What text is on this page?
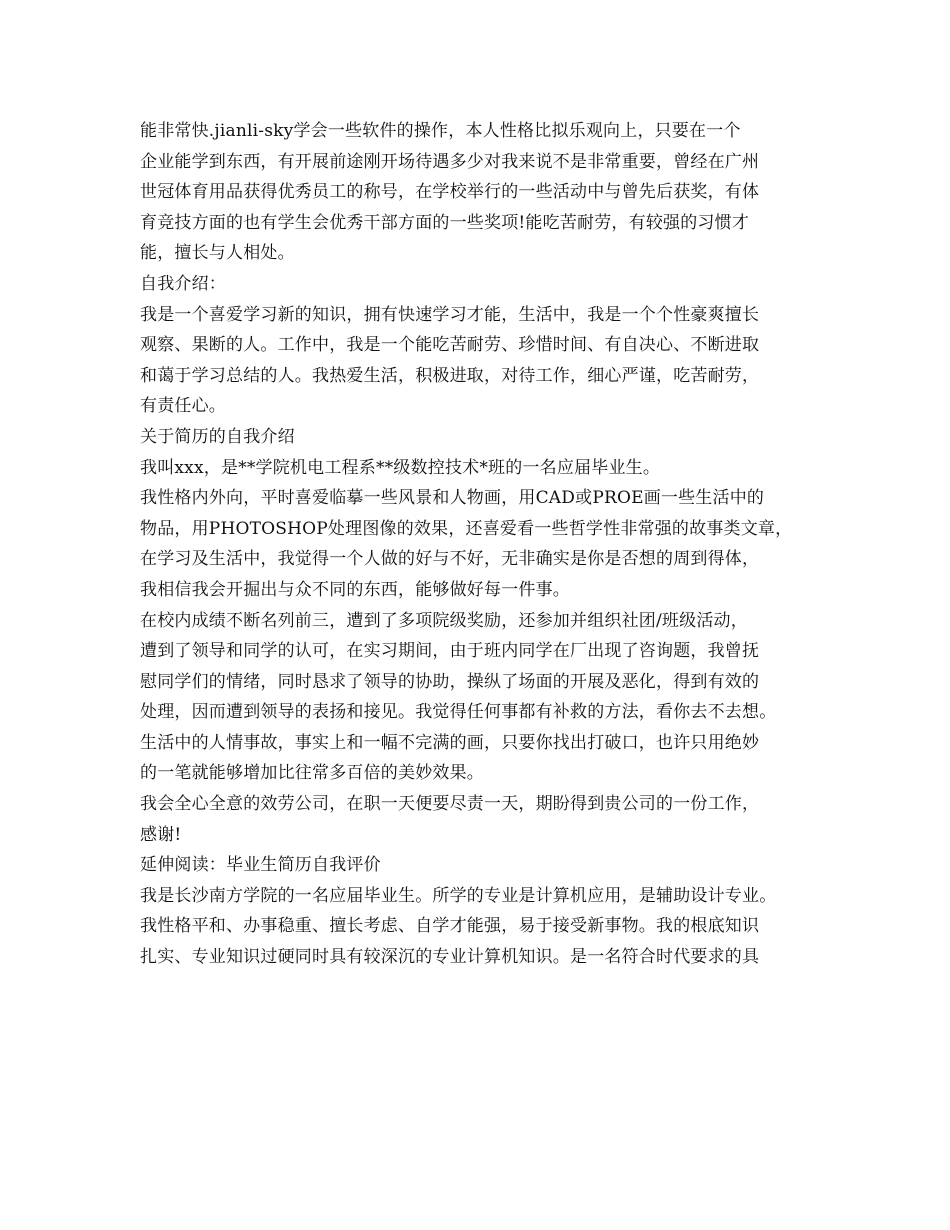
能非常快.jianli-sky学会一些软件的操作，本人性格比拟乐观向上，只要在一个
企业能学到东西，有开展前途刚开场待遇多少对我来说不是非常重要，曾经在广州
世冠体育用品获得优秀员工的称号，在学校举行的一些活动中与曾先后获奖，有体
育竞技方面的也有学生会优秀干部方面的一些奖项!能吃苦耐劳，有较强的习惯才
能，擅长与人相处。
自我介绍：
我是一个喜爱学习新的知识，拥有快速学习才能，生活中，我是一个个性豪爽擅长
观察、果断的人。工作中，我是一个能吃苦耐劳、珍惜时间、有自决心、不断进取
和蔼于学习总结的人。我热爱生活，积极进取，对待工作，细心严谨，吃苦耐劳，
有责任心。
关于简历的自我介绍
我叫xxx，是**学院机电工程系**级数控技术*班的一名应届毕业生。
我性格内外向，平时喜爱临摹一些风景和人物画，用CAD或PROE画一些生活中的
物品，用PHOTOSHOP处理图像的效果，还喜爱看一些哲学性非常强的故事类文章，
在学习及生活中，我觉得一个人做的好与不好，无非确实是你是否想的周到得体，
我相信我会开掘出与众不同的东西，能够做好每一件事。
在校内成绩不断名列前三，遭到了多项院级奖励，还参加并组织社团/班级活动，
遭到了领导和同学的认可，在实习期间，由于班内同学在厂出现了咨询题，我曾抚
慰同学们的情绪，同时恳求了领导的协助，操纵了场面的开展及恶化，得到有效的
处理，因而遭到领导的表扬和接见。我觉得任何事都有补救的方法，看你去不去想。
生活中的人情事故，事实上和一幅不完满的画，只要你找出打破口，也许只用绝妙
的一笔就能够增加比往常多百倍的美妙效果。
我会全心全意的效劳公司，在职一天便要尽责一天，期盼得到贵公司的一份工作，
感谢!
延伸阅读：毕业生简历自我评价
我是长沙南方学院的一名应届毕业生。所学的专业是计算机应用，是辅助设计专业。
我性格平和、办事稳重、擅长考虑、自学才能强，易于接受新事物。我的根底知识
扎实、专业知识过硬同时具有较深沉的专业计算机知识。是一名符合时代要求的具
